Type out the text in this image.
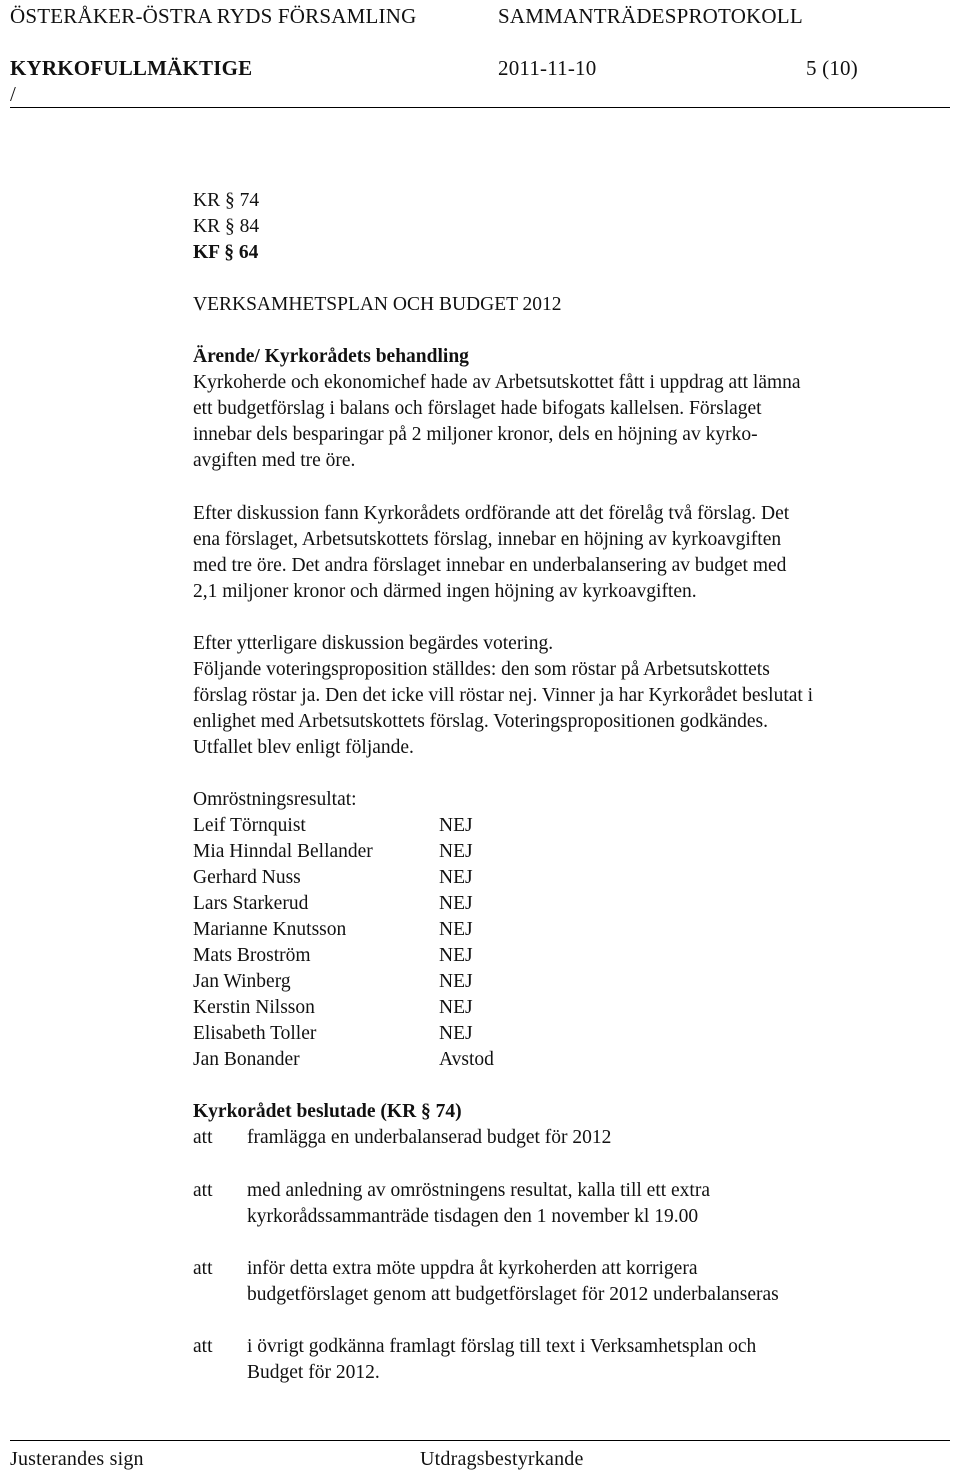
ÖSTERÅKER-ÖSTRA RYDS FÖRSAMLING	SAMMANTRÄDESPROTOKOLL
KYRKOFULLMÄKTIGE	2011-11-10	5 (10)
/
KR § 74
KR § 84
KF § 64
VERKSAMHETSPLAN OCH BUDGET 2012
Ärende/ Kyrkorådets behandling
Kyrkoherde och ekonomichef hade av Arbetsutskottet fått i uppdrag att lämna
ett budgetförslag i balans och förslaget hade bifogats kallelsen. Förslaget
innebar dels besparingar på 2 miljoner kronor, dels en höjning av kyrko-
avgiften med tre öre.
Efter diskussion fann Kyrkorådets ordförande att det förelåg två förslag. Det
ena förslaget, Arbetsutskottets förslag, innebar en höjning av kyrkoavgiften
med tre öre. Det andra förslaget innebar en underbalansering av budget med
2,1 miljoner kronor och därmed ingen höjning av kyrkoavgiften.
Efter ytterligare diskussion begärdes votering.
Följande voteringsproposition ställdes: den som röstar på Arbetsutskottets
förslag röstar ja. Den det icke vill röstar nej. Vinner ja har Kyrkorådet beslutat i
enlighet med Arbetsutskottets förslag. Voteringspropositionen godkändes.
Utfallet blev enligt följande.
Omröstningsresultat:
Leif Törnquist	NEJ
Mia Hinndal Bellander	NEJ
Gerhard Nuss	NEJ
Lars Starkerud	NEJ
Marianne Knutsson	NEJ
Mats Broström	NEJ
Jan Winberg	NEJ
Kerstin Nilsson	NEJ
Elisabeth Toller	NEJ
Jan Bonander	Avstod
Kyrkorådet beslutade (KR § 74)
att framlägga en underbalanserad budget för 2012
att med anledning av omröstningens resultat, kalla till ett extra
kyrkorådssammanträde tisdagen den 1 november kl 19.00
att inför detta extra möte uppdra åt kyrkoherden att korrigera
budgetförslaget genom att budgetförslaget för 2012 underbalanseras
att i övrigt godkänna framlagt förslag till text i Verksamhetsplan och
Budget för 2012.
Justerandes sign	Utdragsbestyrkande
